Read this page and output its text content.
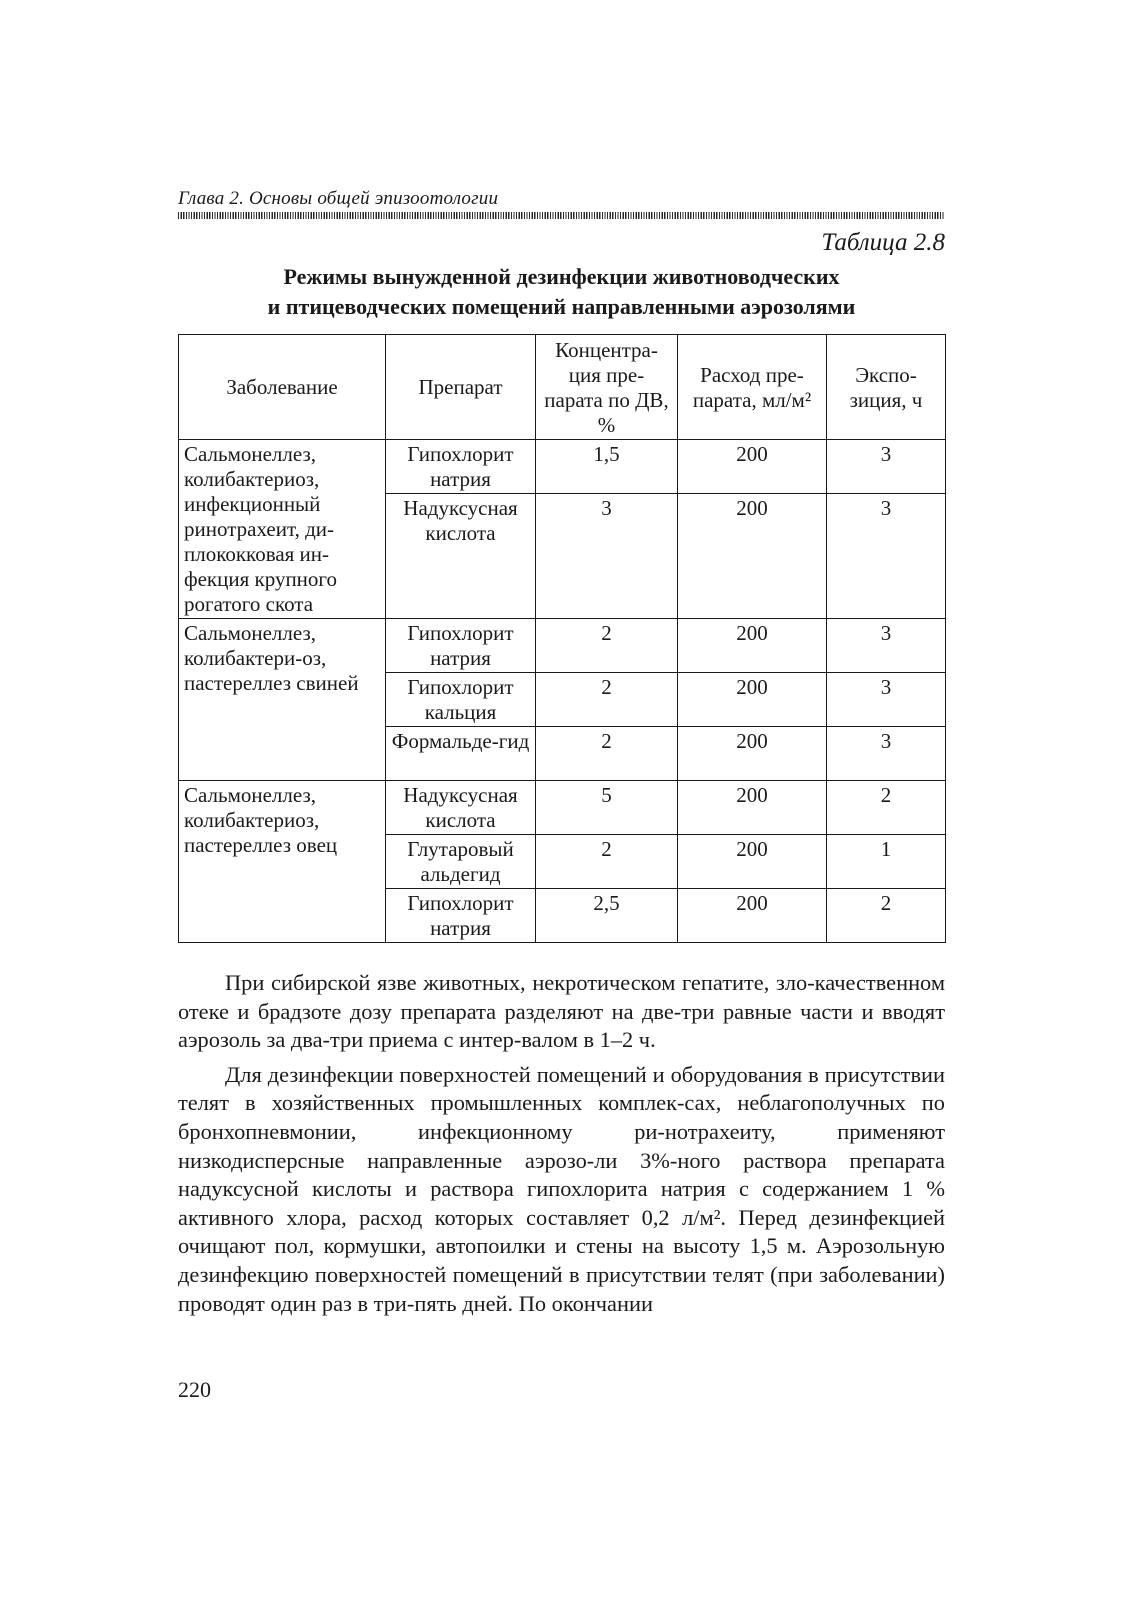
Глава 2. Основы общей эпизоотологии
Таблица 2.8
Режимы вынужденной дезинфекции животноводческих
и птицеводческих помещений направленными аэрозолями
Заболевание	Препарат	Концентра-ция пре-парата по ДВ, %	Расход пре-парата, мл/м²	Экспо-зиция, ч
Сальмонеллез, колибактериоз, инфекционный ринотрахеит, ди-плококковая ин-фекция крупного рогатого скота	Гипохлорит натрия	1,5	200	3
	Надуксусная кислота	3	200	3
Сальмонеллез, колибактери-оз, пастереллез свиней	Гипохлорит натрия	2	200	3
	Гипохлорит кальция	2	200	3
	Формальде-гид	2	200	3
Сальмонеллез, колибактериоз, пастереллез овец	Надуксусная кислота	5	200	2
	Глутаровый альдегид	2	200	1
	Гипохлорит натрия	2,5	200	2

При сибирской язве животных, некротическом гепатите, зло-качественном отеке и брадзоте дозу препарата разделяют на две-три равные части и вводят аэрозоль за два-три приема с интер-валом в 1–2 ч.

Для дезинфекции поверхностей помещений и оборудования в присутствии телят в хозяйственных промышленных комплек-сах, неблагополучных по бронхопневмонии, инфекционному ри-нотрахеиту, применяют низкодисперсные направленные аэрозо-ли 3%-ного раствора препарата надуксусной кислоты и раствора гипохлорита натрия с содержанием 1 % активного хлора, расход которых составляет 0,2 л/м². Перед дезинфекцией очищают пол, кормушки, автопоилки и стены на высоту 1,5 м. Аэрозольную дезинфекцию поверхностей помещений в присутствии телят (при заболевании) проводят один раз в три-пять дней. По окончании

220
